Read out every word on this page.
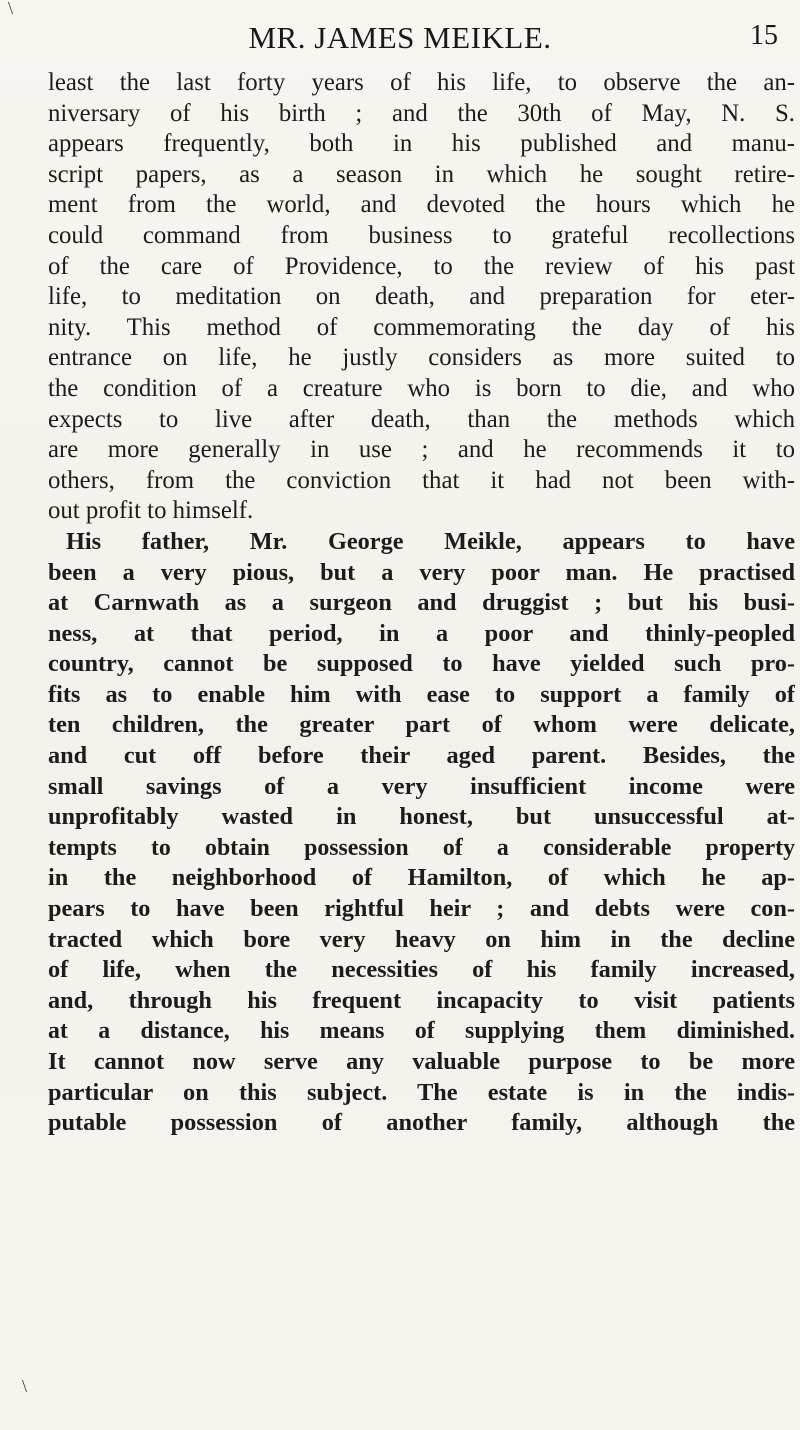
\
MR. JAMES MEIKLE.	15
least the last forty years of his life, to observe the an-
niversary of his birth ; and the 30th of May, N. S.
appears frequently, both in his published and manu-
script papers, as a season in which he sought retire-
ment from the world, and devoted the hours which he
could command from business to grateful recollections
of the care of Providence, to the review of his past
life, to meditation on death, and preparation for eter-
nity. This method of commemorating the day of his
entrance on life, he justly considers as more suited to
the condition of a creature who is born to die, and who
expects to live after death, than the methods which
are more generally in use ; and he recommends it to
others, from the conviction that it had not been with-
out profit to himself.
His father, Mr. George Meikle, appears to have
been a very pious, but a very poor man. He practised
at Carnwath as a surgeon and druggist ; but his busi-
ness, at that period, in a poor and thinly-peopled
country, cannot be supposed to have yielded such pro-
fits as to enable him with ease to support a family of
ten children, the greater part of whom were delicate,
and cut off before their aged parent. Besides, the
small savings of a very insufficient income were
unprofitably wasted in honest, but unsuccessful at-
tempts to obtain possession of a considerable property
in the neighborhood of Hamilton, of which he ap-
pears to have been rightful heir ; and debts were con-
tracted which bore very heavy on him in the decline
of life, when the necessities of his family increased,
and, through his frequent incapacity to visit patients
at a distance, his means of supplying them diminished.
It cannot now serve any valuable purpose to be more
particular on this subject. The estate is in the indis-
putable possession of another family, although the
\
